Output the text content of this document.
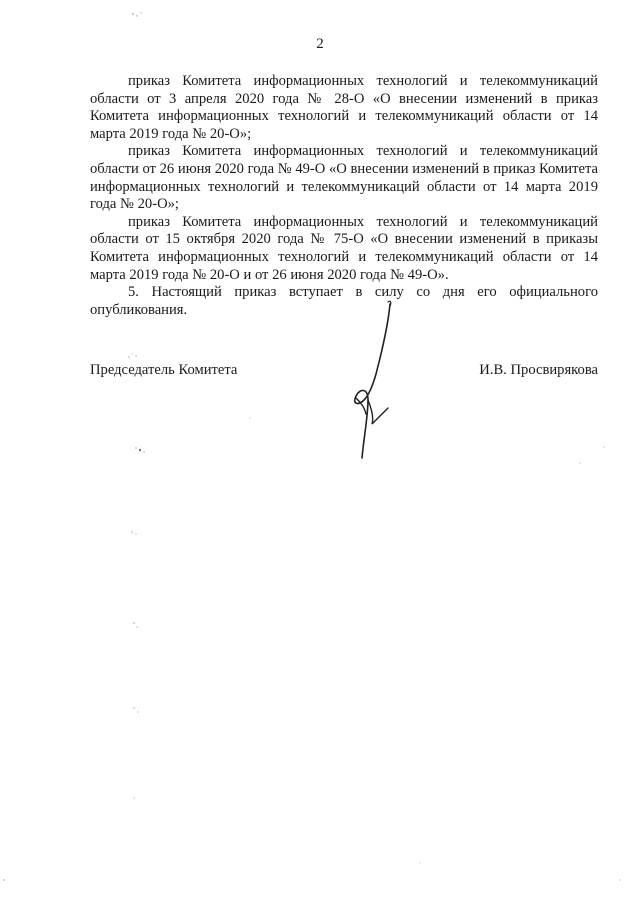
2

приказ Комитета информационных технологий и телекоммуникаций области от 3 апреля 2020 года № 28-О «О внесении изменений в приказ Комитета информационных технологий и телекоммуникаций области от 14 марта 2019 года № 20-О»;

приказ Комитета информационных технологий и телекоммуникаций области от 26 июня 2020 года № 49-О «О внесении изменений в приказ Комитета информационных технологий и телекоммуникаций области от 14 марта 2019 года № 20-О»;

приказ Комитета информационных технологий и телекоммуникаций области от 15 октября 2020 года № 75-О «О внесении изменений в приказы Комитета информационных технологий и телекоммуникаций области от 14 марта 2019 года № 20-О и от 26 июня 2020 года № 49-О».

5. Настоящий приказ вступает в силу со дня его официального опубликования.

Председатель Комитета	И.В. Просвирякова
